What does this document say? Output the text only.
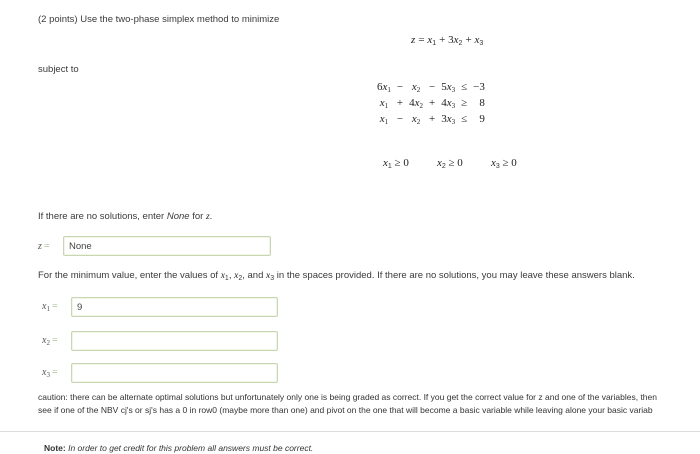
(2 points) Use the two-phase simplex method to minimize
$z = x_1 + 3x_2 + x_3$
subject to
$6x_1$	−	$x_2$	−	$5x_3$	≤	−3
$x_1$	+	$4x_2$	+	$4x_3$	≥	8
$x_1$	−	$x_2$	+	$3x_3$	≤	9
$x_1 \ge 0$	$x_2 \ge 0$	$x_3 \ge 0$
If there are no solutions, enter None for z.
z = None
For the minimum value, enter the values of $x_1$, $x_2$, and $x_3$ in the spaces provided. If there are no solutions, you may leave these answers blank.
$x_1 = 9$
$x_2$ =
$x_3$ =
caution: there can be alternate optimal solutions but unfortunately only one is being graded as correct. If you get the correct value for z and one of the variables, then
see if one of the NBV cj's or sj's has a 0 in row0 (maybe more than one) and pivot on the one that will become a basic variable while leaving alone your basic variab
Note: In order to get credit for this problem all answers must be correct.
